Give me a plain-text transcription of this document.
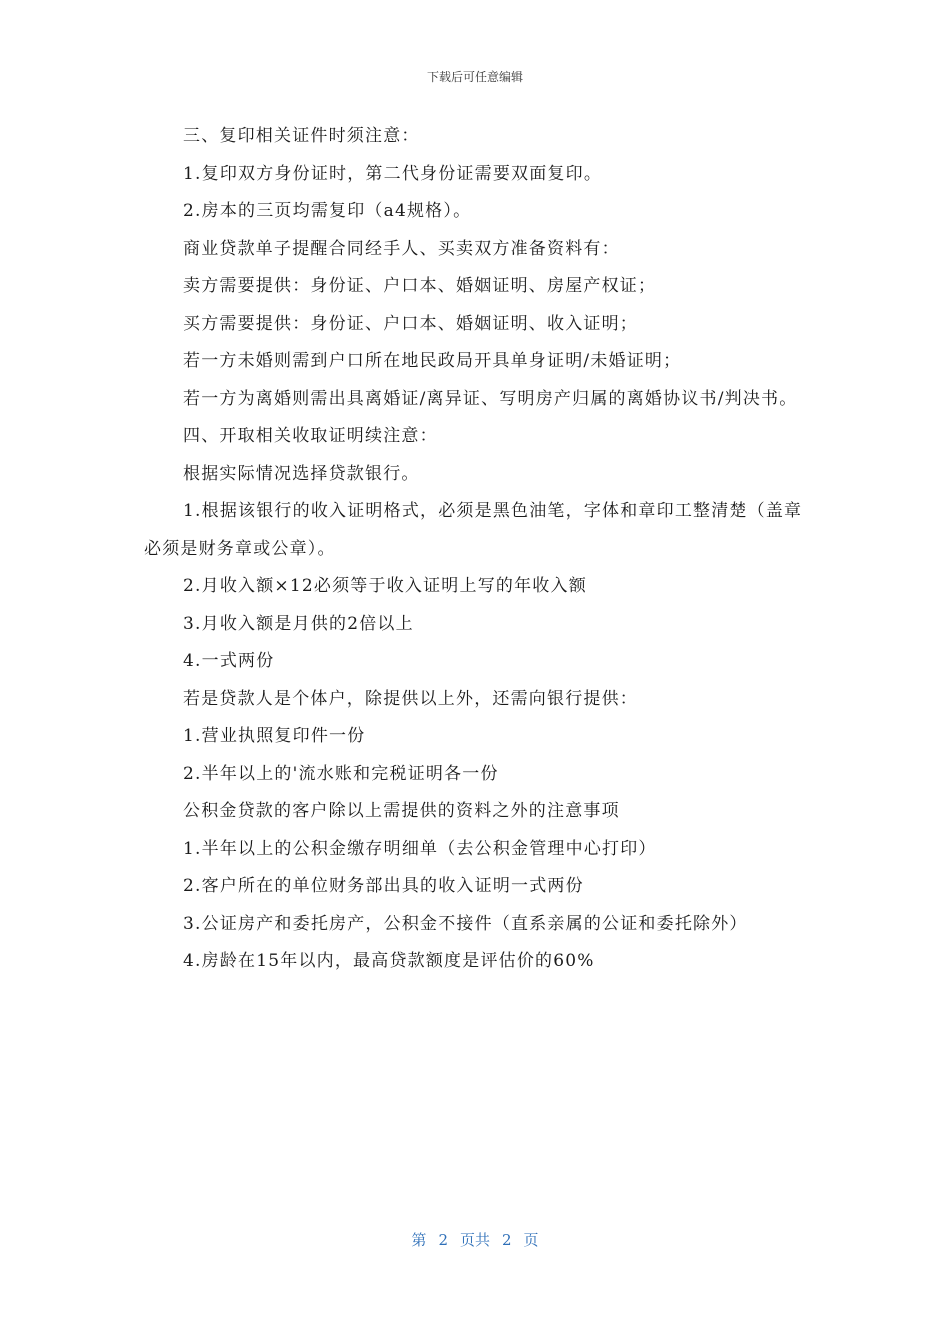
下载后可任意编辑

三、复印相关证件时须注意：

1.复印双方身份证时，第二代身份证需要双面复印。

2.房本的三页均需复印（a4规格）。

商业贷款单子提醒合同经手人、买卖双方准备资料有：

卖方需要提供：身份证、户口本、婚姻证明、房屋产权证；

买方需要提供：身份证、户口本、婚姻证明、收入证明；

若一方未婚则需到户口所在地民政局开具单身证明/未婚证明；

若一方为离婚则需出具离婚证/离异证、写明房产归属的离婚协议书/判决书。

四、开取相关收取证明续注意：

根据实际情况选择贷款银行。

1.根据该银行的收入证明格式，必须是黑色油笔，字体和章印工整清楚（盖章必须是财务章或公章）。

2.月收入额×12必须等于收入证明上写的年收入额

3.月收入额是月供的2倍以上

4.一式两份

若是贷款人是个体户，除提供以上外，还需向银行提供：

1.营业执照复印件一份

2.半年以上的'流水账和完税证明各一份

公积金贷款的客户除以上需提供的资料之外的注意事项

1.半年以上的公积金缴存明细单（去公积金管理中心打印）

2.客户所在的单位财务部出具的收入证明一式两份

3.公证房产和委托房产，公积金不接件（直系亲属的公证和委托除外）

4.房龄在15年以内，最高贷款额度是评估价的60%

第 2 页共 2 页
